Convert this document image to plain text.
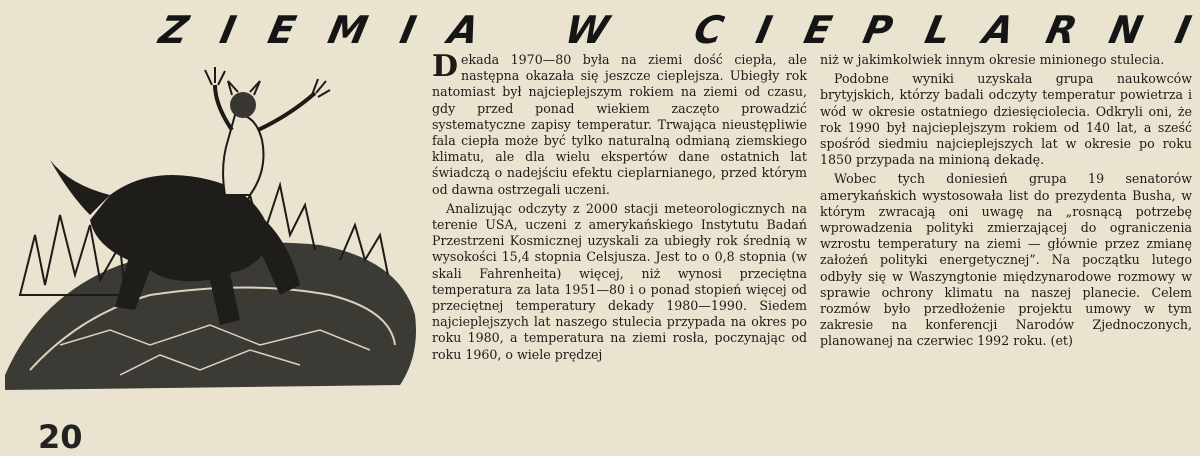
Z I E M I A W C I E P L A R N I

Dekada 1970—80 była na ziemi dość ciepła, ale następna okazała się jeszcze cieplejsza. Ubiegły rok natomiast był najcieplejszym rokiem na ziemi od czasu, gdy przed ponad wiekiem zaczęto prowadzić systematyczne zapisy temperatur. Trwająca nieustępliwie fala ciepła może być tylko naturalną odmianą ziemskiego klimatu, ale dla wielu ekspertów dane ostatnich lat świadczą o nadejściu efektu cieplarnianego, przed którym od dawna ostrzegali uczeni.

Analizując odczyty z 2000 stacji meteorologicznych na terenie USA, uczeni z amerykańskiego Instytutu Badań Przestrzeni Kosmicznej uzyskali za ubiegły rok średnią w wysokości 15,4 stopnia Celsjusza. Jest to o 0,8 stopnia (w skali Fahrenheita) więcej, niż wynosi przeciętna temperatura za lata 1951—80 i o ponad stopień więcej od przeciętnej temperatury dekady 1980—1990. Siedem najcieplejszych lat naszego stulecia przypada na okres po roku 1980, a temperatura na ziemi rosła, poczynając od roku 1960, o wiele prędzej

niż w jakimkolwiek innym okresie minionego stulecia.

Podobne wyniki uzyskała grupa naukowców brytyjskich, którzy badali odczyty temperatur powietrza i wód w okresie ostatniego dziesięciolecia. Odkryli oni, że rok 1990 był najcieplejszym rokiem od 140 lat, a sześć spośród siedmiu najcieplejszych lat w okresie po roku 1850 przypada na minioną dekadę.

Wobec tych doniesień grupa 19 senatorów amerykańskich wystosowała list do prezydenta Busha, w którym zwracają oni uwagę na „rosnącą potrzebę wprowadzenia polityki zmierzającej do ograniczenia wzrostu temperatury na ziemi — głównie przez zmianę założeń polityki energetycznej”. Na początku lutego odbyły się w Waszyngtonie międzynarodowe rozmowy w sprawie ochrony klimatu na naszej planecie. Celem rozmów było przedłożenie projektu umowy w tym zakresie na konferencji Narodów Zjednoczonych, planowanej na czerwiec 1992 roku. (et)

20
